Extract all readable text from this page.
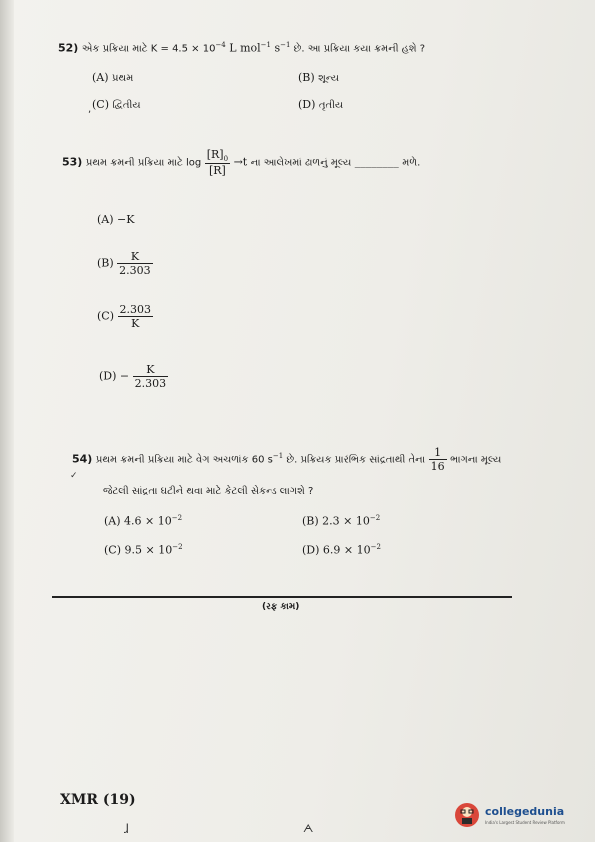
52) એક પ્રક્રિયા માટે $K = 4.5 \times 10^{-4}$ L mol$^{-1}$ $s^{-1}$ છે. આ પ્રક્રિયા કયા ક્રમની હશે ?
(A) પ્રથમ	(B) શૂન્ય
(C) દ્વિતીય	(D) તૃતીય
53) પ્રથમ ક્રમની પ્રક્રિયા માટે $\log \frac{[R]_0}{[R]} \to t$ ના આલેખમાં ઢાળનું મૂલ્ય ________ મળે.
(A) −K
$(B) \frac{K}{2.303}$
$(C) \frac{2.303}{K}$
$(D) - \frac{K}{2.303}$
54) પ્રથમ ક્રમની પ્રક્રિયા માટે વેગ અચળાંક 60 $s^{-1}$ છે. પ્રક્રિયક પ્રારંભિક સાંદ્રતાથી તેના $\frac{1}{16}$ ભાગના મૂલ્ય
જેટલી સાંદ્રતા ઘટીને થવા માટે કેટલી સેકન્ડ લાગશે ?
(A) $4.6 \times 10^{-2}$	(B) $2.3 \times 10^{-2}$
(C) $9.5 \times 10^{-2}$	(D) $6.9 \times 10^{-2}$
(રફ કામ)
,
✓
ɺ	ᗅ
XMR (19)
collegedunia
India's Largest Student Review Platform
